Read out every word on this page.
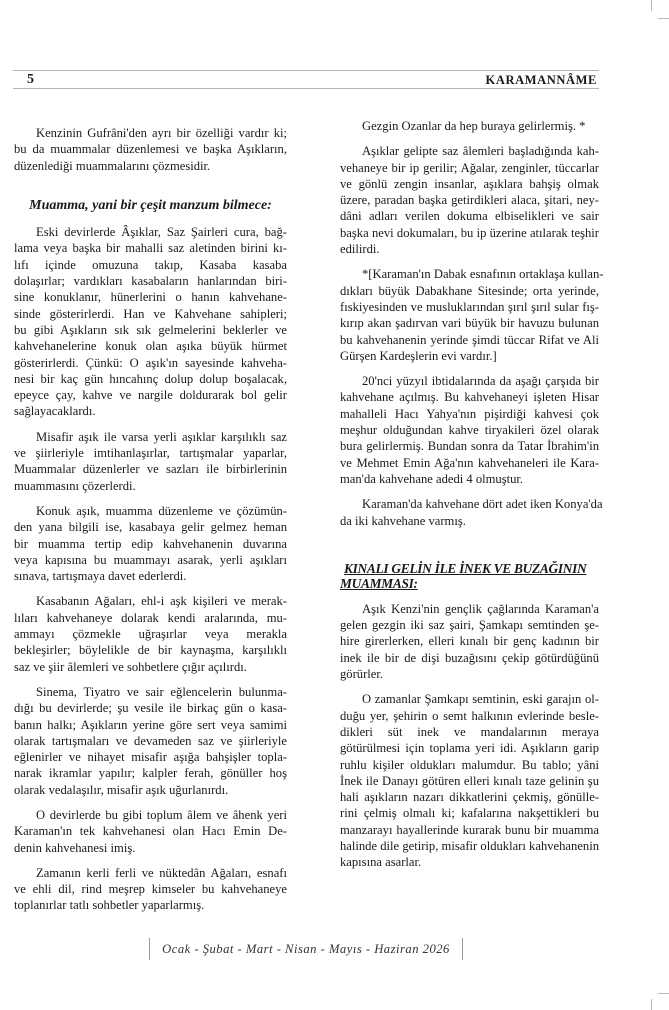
5	KARAMANNÂME
Kenzinin Gufrâni'den ayrı bir özelliği vardır ki;
bu da muammalar düzenlemesi ve başka Aşıkların,
düzenlediği muammalarını çözmesidir.
Muamma, yani bir çeşit manzum bilmece:
Eski devirlerde Âşıklar, Saz Şairleri cura, bağ-
lama veya başka bir mahalli saz aletinden birini kı-
lıfı içinde omuzuna takıp, Kasaba kasaba
dolaşırlar; vardıkları kasabaların hanlarından biri-
sine konuklanır, hünerlerini o hanın kahvehane-
sinde gösterirlerdi. Han ve Kahvehane sahipleri;
bu gibi Aşıkların sık sık gelmelerini beklerler ve
kahvehanelerine konuk olan aşıka büyük hürmet
gösterirlerdi. Çünkü: O aşık'ın sayesinde kahveha-
nesi bir kaç gün hıncahınç dolup dolup boşalacak,
epeyce çay, kahve ve nargile doldurarak bol gelir
sağlayacaklardı.
Misafir aşık ile varsa yerli aşıklar karşılıklı saz
ve şiirleriyle imtihanlaşırlar, tartışmalar yaparlar,
Muammalar düzenlerler ve sazları ile birbirlerinin
muammasını çözerlerdi.
Konuk aşık, muamma düzenleme ve çözümün-
den yana bilgili ise, kasabaya gelir gelmez heman
bir muamma tertip edip kahvehanenin duvarına
veya kapısına bu muammayı asarak, yerli aşıkları
sınava, tartışmaya davet ederlerdi.
Kasabanın Ağaları, ehl-i aşk kişileri ve merak-
lıları kahvehaneye dolarak kendi aralarında, mu-
ammayı çözmekle uğraşırlar veya merakla
bekleşirler; böylelikle de bir kaynaşma, karşılıklı
saz ve şiir âlemleri ve sohbetlere çığır açılırdı.
Sinema, Tiyatro ve sair eğlencelerin bulunma-
dığı bu devirlerde; şu vesile ile birkaç gün o kasa-
banın halkı; Aşıkların yerine göre sert veya samimi
olarak tartışmaları ve devameden saz ve şiirleriyle
eğlenirler ve nihayet misafir aşığa bahşişler topla-
narak ikramlar yapılır; kalpler ferah, gönüller hoş
olarak vedalaşılır, misafir aşık uğurlanırdı.
O devirlerde bu gibi toplum âlem ve âhenk yeri
Karaman'ın tek kahvehanesi olan Hacı Emin De-
denin kahvehanesi imiş.
Zamanın kerli ferli ve nüktedân Ağaları, esnafı
ve ehli dil, rind meşrep kimseler bu kahvehaneye
toplanırlar tatlı sohbetler yaparlarmış.
Gezgin Ozanlar da hep buraya gelirlermiş. *
Aşıklar gelipte saz âlemleri başladığında kah-
vehaneye bir ip gerilir; Ağalar, zenginler, tüccarlar
ve gönlü zengin insanlar, aşıklara bahşiş olmak
üzere, paradan başka getirdikleri alaca, şitari, ney-
dâni adları verilen dokuma elbiselikleri ve sair
başka nevi dokumaları, bu ip üzerine atılarak teşhir
edilirdi.
*[Karaman'ın Dabak esnafının ortaklaşa kullan-
dıkları büyük Dabakhane Sitesinde; orta yerinde,
fıskiyesinden ve musluklarından şırıl şırıl sular fış-
kırıp akan şadırvan vari büyük bir havuzu bulunan
bu kahvehanenin yerinde şimdi tüccar Rifat ve Ali
Gürşen Kardeşlerin evi vardır.]
20'nci yüzyıl ibtidalarında da aşağı çarşıda bir
kahvehane açılmış. Bu kahvehaneyi işleten Hisar
mahalleli Hacı Yahya'nın pişirdiği kahvesi çok
meşhur olduğundan kahve tiryakileri özel olarak
bura gelirlermiş. Bundan sonra da Tatar İbrahim'in
ve Mehmet Emin Ağa'nın kahvehaneleri ile Kara-
man'da kahvehane adedi 4 olmuştur.
Karaman'da kahvehane dört adet iken Konya'da
da iki kahvehane varmış.
KINALI GELİN İLE İNEK VE BUZAĞININ
MUAMMASI:
Aşık Kenzi'nin gençlik çağlarında Karaman'a
gelen gezgin iki saz şairi, Şamkapı semtinden şe-
hire girerlerken, elleri kınalı bir genç kadının bir
inek ile bir de dişi buzağısını çekip götürdüğünü
görürler.
O zamanlar Şamkapı semtinin, eski garajın ol-
duğu yer, şehirin o semt halkının evlerinde besle-
dikleri süt inek ve mandalarının meraya
götürülmesi için toplama yeri idi. Aşıkların garip
ruhlu kişiler oldukları malumdur. Bu tablo; yâni
İnek ile Danayı götüren elleri kınalı taze gelinin şu
hali aşıkların nazarı dikkatlerini çekmiş, gönülle-
rini çelmiş olmalı ki; kafalarına nakşettikleri bu
manzarayı hayallerinde kurarak bunu bir muamma
halinde dile getirip, misafir oldukları kahvehanenin
kapısına asarlar.
Ocak - Şubat - Mart - Nisan - Mayıs - Haziran 2026
